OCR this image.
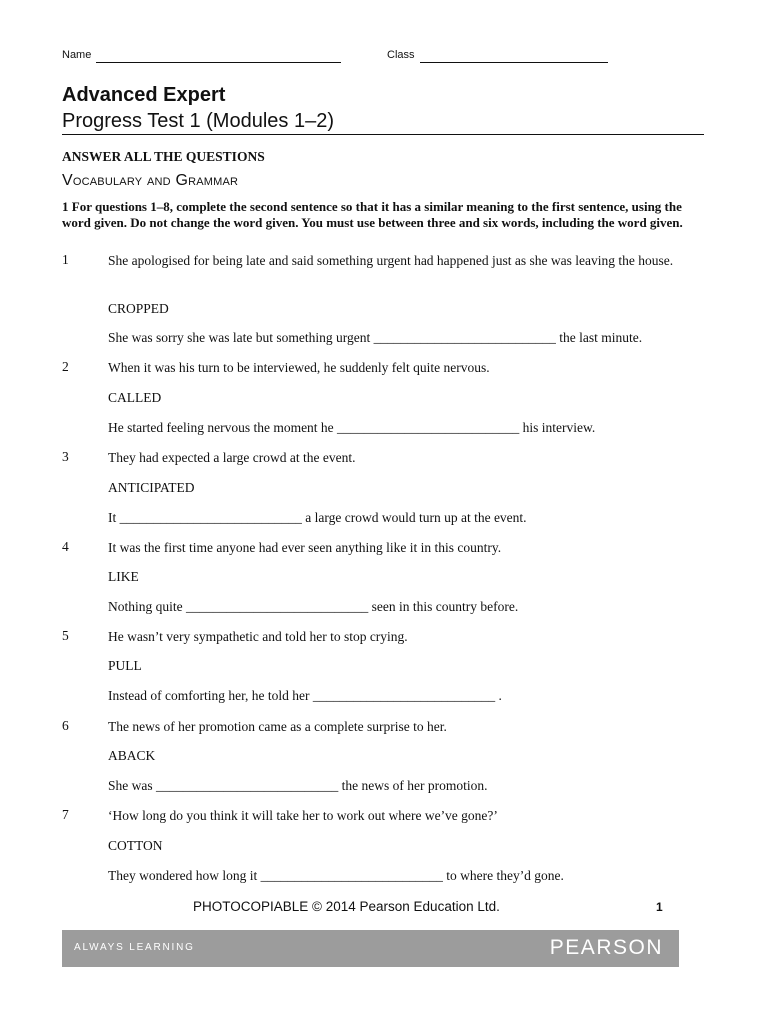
Name	Class
Advanced Expert
Progress Test 1 (Modules 1–2)
ANSWER ALL THE QUESTIONS
Vocabulary and Grammar
1 For questions 1–8, complete the second sentence so that it has a similar meaning to the first sentence, using the word given. Do not change the word given. You must use between three and six words, including the word given.
1	She apologised for being late and said something urgent had happened just as she was leaving the house.
CROPPED
She was sorry she was late but something urgent ___________________________ the last minute.
2	When it was his turn to be interviewed, he suddenly felt quite nervous.
CALLED
He started feeling nervous the moment he ___________________________ his interview.
3	They had expected a large crowd at the event.
ANTICIPATED
It ___________________________ a large crowd would turn up at the event.
4	It was the first time anyone had ever seen anything like it in this country.
LIKE
Nothing quite ___________________________ seen in this country before.
5	He wasn’t very sympathetic and told her to stop crying.
PULL
Instead of comforting her, he told her ___________________________ .
6	The news of her promotion came as a complete surprise to her.
ABACK
She was ___________________________ the news of her promotion.
7	‘How long do you think it will take her to work out where we’ve gone?’
COTTON
They wondered how long it ___________________________ to where they’d gone.
PHOTOCOPIABLE © 2014 Pearson Education Ltd.	1
ALWAYS LEARNING	PEARSON
